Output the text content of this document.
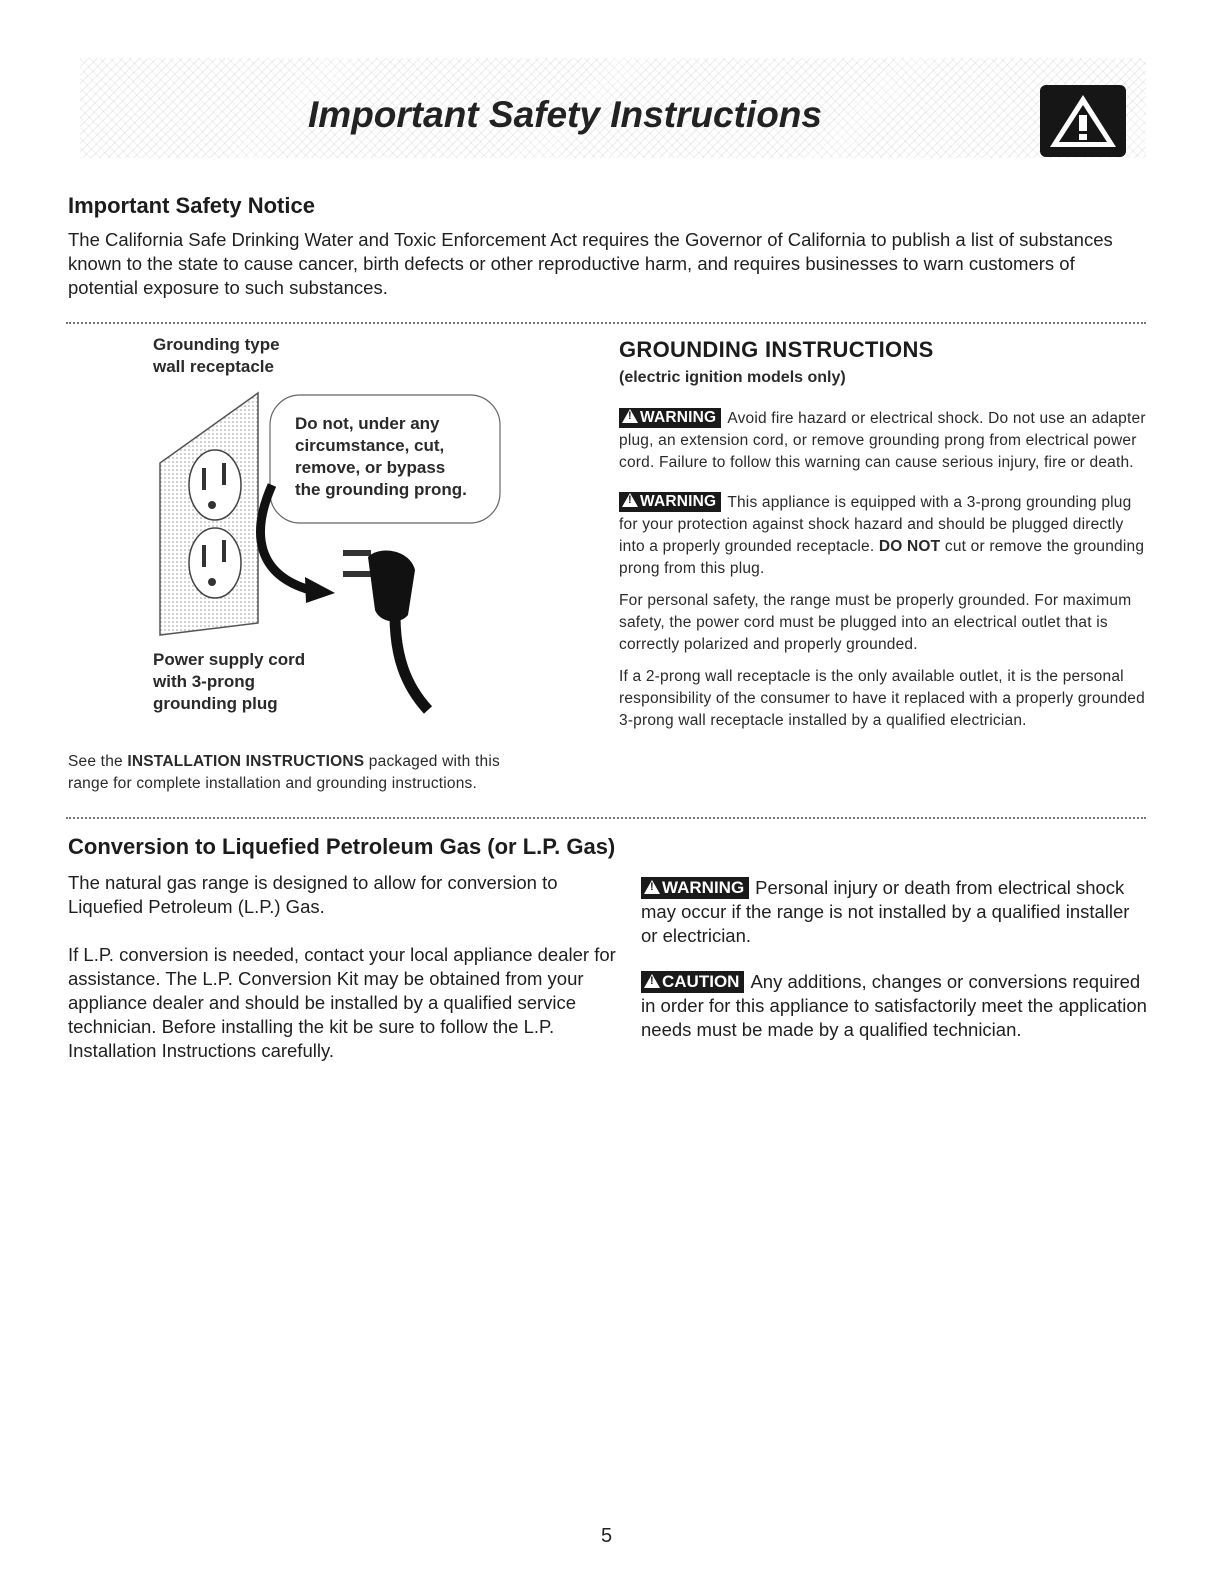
Important Safety Instructions
Important Safety Notice
The California Safe Drinking Water and Toxic Enforcement Act requires the Governor of California to publish a list of substances known to the state to cause cancer, birth defects or other reproductive harm, and requires businesses to warn customers of potential exposure to such substances.
Grounding type
wall receptacle
Do not, under any
circumstance, cut,
remove, or bypass
the grounding prong.
Power supply cord
with 3-prong
grounding plug
See the INSTALLATION INSTRUCTIONS packaged with this
range for complete installation and grounding instructions.
GROUNDING INSTRUCTIONS
(electric ignition models only)
!WARNING Avoid fire hazard or electrical shock. Do not use an adapter plug, an extension cord, or remove grounding prong from electrical power cord. Failure to follow this warning can cause serious injury, fire or death.
!WARNING This appliance is equipped with a 3-prong grounding plug for your protection against shock hazard and should be plugged directly into a properly grounded receptacle. DO NOT cut or remove the grounding prong from this plug.
For personal safety, the range must be properly grounded. For maximum safety, the power cord must be plugged into an electrical outlet that is correctly polarized and properly grounded.
If a 2-prong wall receptacle is the only available outlet, it is the personal responsibility of the consumer to have it replaced with a properly grounded 3-prong wall receptacle installed by a qualified electrician.
Conversion to Liquefied Petroleum Gas (or L.P. Gas)
The natural gas range is designed to allow for conversion to Liquefied Petroleum (L.P.) Gas.
If L.P. conversion is needed, contact your local appliance dealer for assistance. The L.P. Conversion Kit may be obtained from your appliance dealer and should be installed by a qualified service technician. Before installing the kit be sure to follow the L.P. Installation Instructions carefully.
!WARNING Personal injury or death from electrical shock may occur if the range is not installed by a qualified installer or electrician.
!CAUTION Any additions, changes or conversions required in order for this appliance to satisfactorily meet the application needs must be made by a qualified technician.
5
